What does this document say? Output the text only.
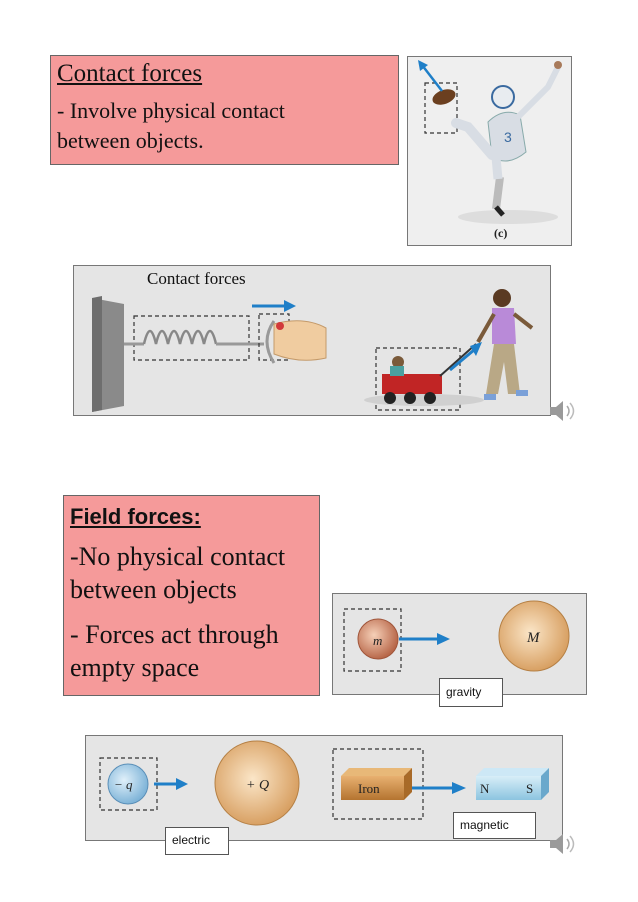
Contact forces
- Involve physical contact
between objects.	3
(c)
Contact forces
Field forces:
-No physical contact
between objects
- Forces act through
empty space
m	M
gravity
− q	+ Q	Iron	N	S
magnetic
electric
